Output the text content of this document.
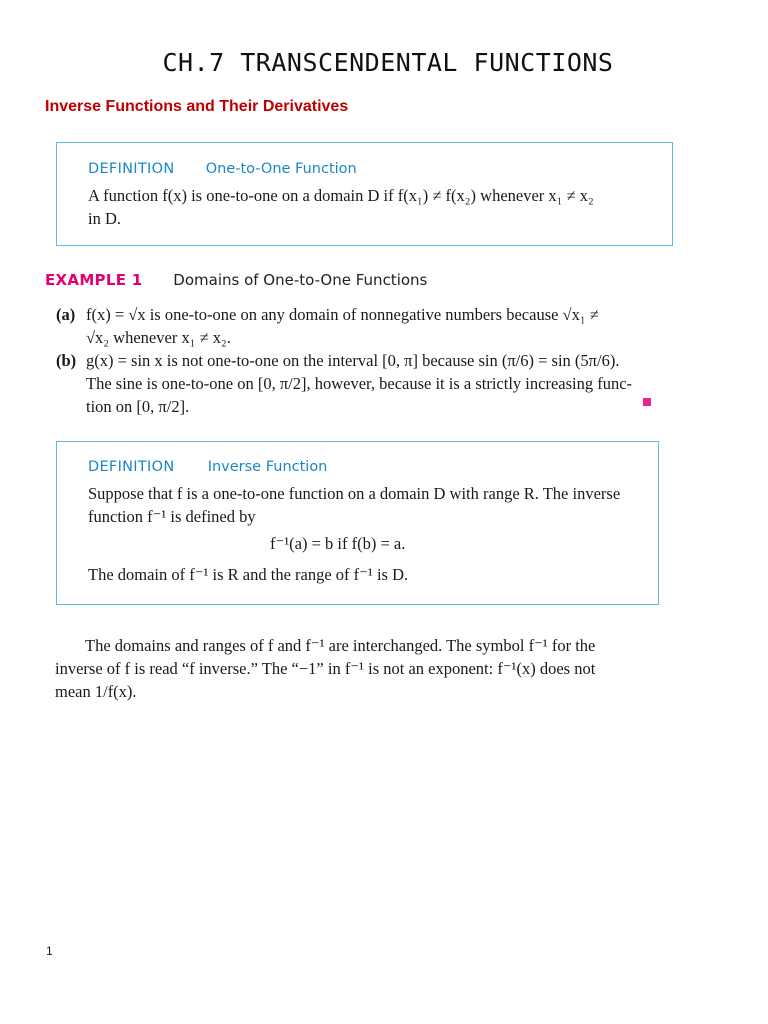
CH.7 TRANSCENDENTAL FUNCTIONS
Inverse Functions and Their Derivatives
DEFINITION One-to-One Function
A function f(x) is one-to-one on a domain D if f(x₁) ≠ f(x₂) whenever x₁ ≠ x₂
in D.
EXAMPLE 1 Domains of One-to-One Functions
(a) f(x) = √x is one-to-one on any domain of nonnegative numbers because √x₁ ≠
√x₂ whenever x₁ ≠ x₂.
(b) g(x) = sin x is not one-to-one on the interval [0, π] because sin (π/6) = sin (5π/6).
The sine is one-to-one on [0, π/2], however, because it is a strictly increasing func-
tion on [0, π/2].
DEFINITION Inverse Function
Suppose that f is a one-to-one function on a domain D with range R. The inverse
function f⁻¹ is defined by
The domain of f⁻¹ is R and the range of f⁻¹ is D.
f⁻¹(a) = b if f(b) = a.
The domains and ranges of f and f⁻¹ are interchanged. The symbol f⁻¹ for the
inverse of f is read “f inverse.” The “−1” in f⁻¹ is not an exponent: f⁻¹(x) does not
mean 1/f(x).
1
